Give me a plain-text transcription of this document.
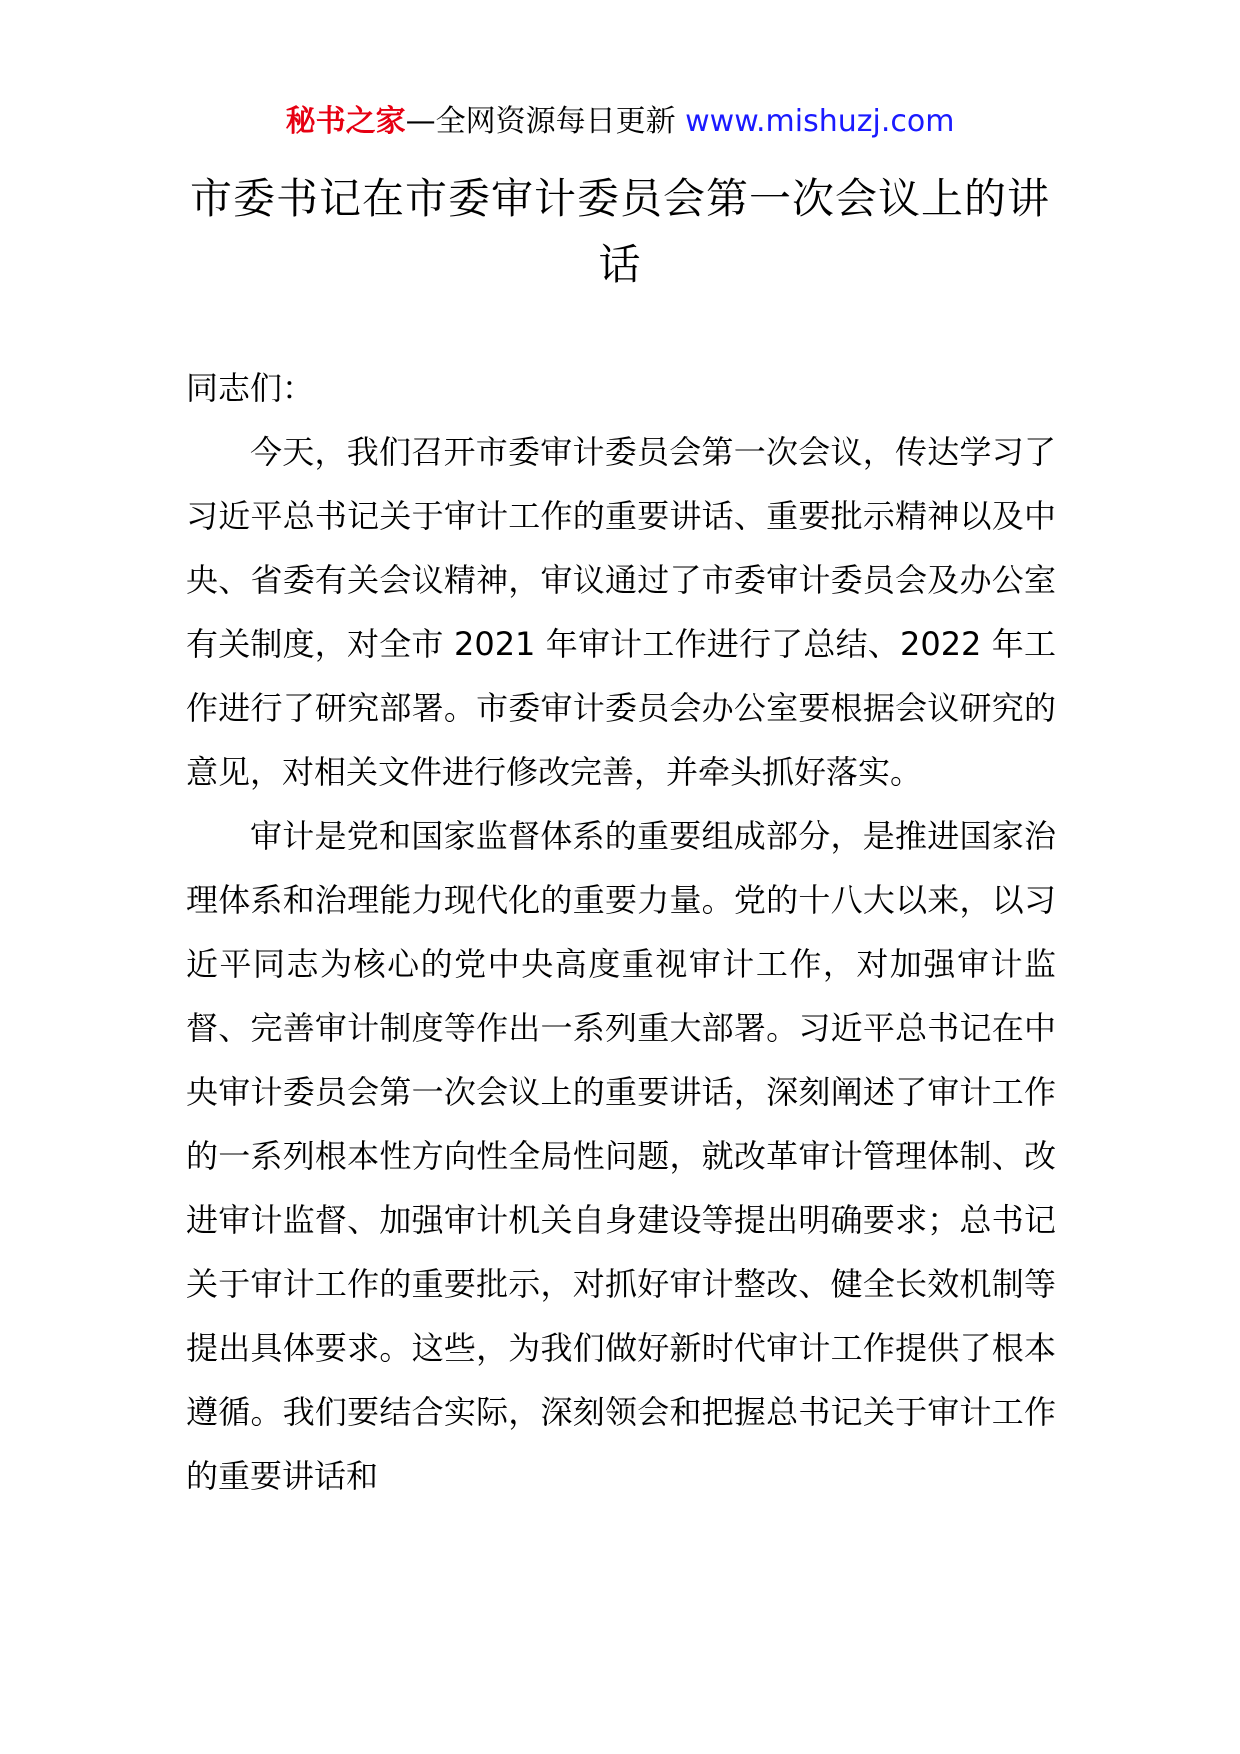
秘书之家—全网资源每日更新 www.mishuzj.com
市委书记在市委审计委员会第一次会议上的讲话

同志们：

今天，我们召开市委审计委员会第一次会议，传达学习了习近平总书记关于审计工作的重要讲话、重要批示精神以及中央、省委有关会议精神，审议通过了市委审计委员会及办公室有关制度，对全市 2021 年审计工作进行了总结、2022 年工作进行了研究部署。市委审计委员会办公室要根据会议研究的意见，对相关文件进行修改完善，并牵头抓好落实。

审计是党和国家监督体系的重要组成部分，是推进国家治理体系和治理能力现代化的重要力量。党的十八大以来，以习近平同志为核心的党中央高度重视审计工作，对加强审计监督、完善审计制度等作出一系列重大部署。习近平总书记在中央审计委员会第一次会议上的重要讲话，深刻阐述了审计工作的一系列根本性方向性全局性问题，就改革审计管理体制、改进审计监督、加强审计机关自身建设等提出明确要求；总书记关于审计工作的重要批示，对抓好审计整改、健全长效机制等提出具体要求。这些，为我们做好新时代审计工作提供了根本遵循。我们要结合实际，深刻领会和把握总书记关于审计工作的重要讲话和
